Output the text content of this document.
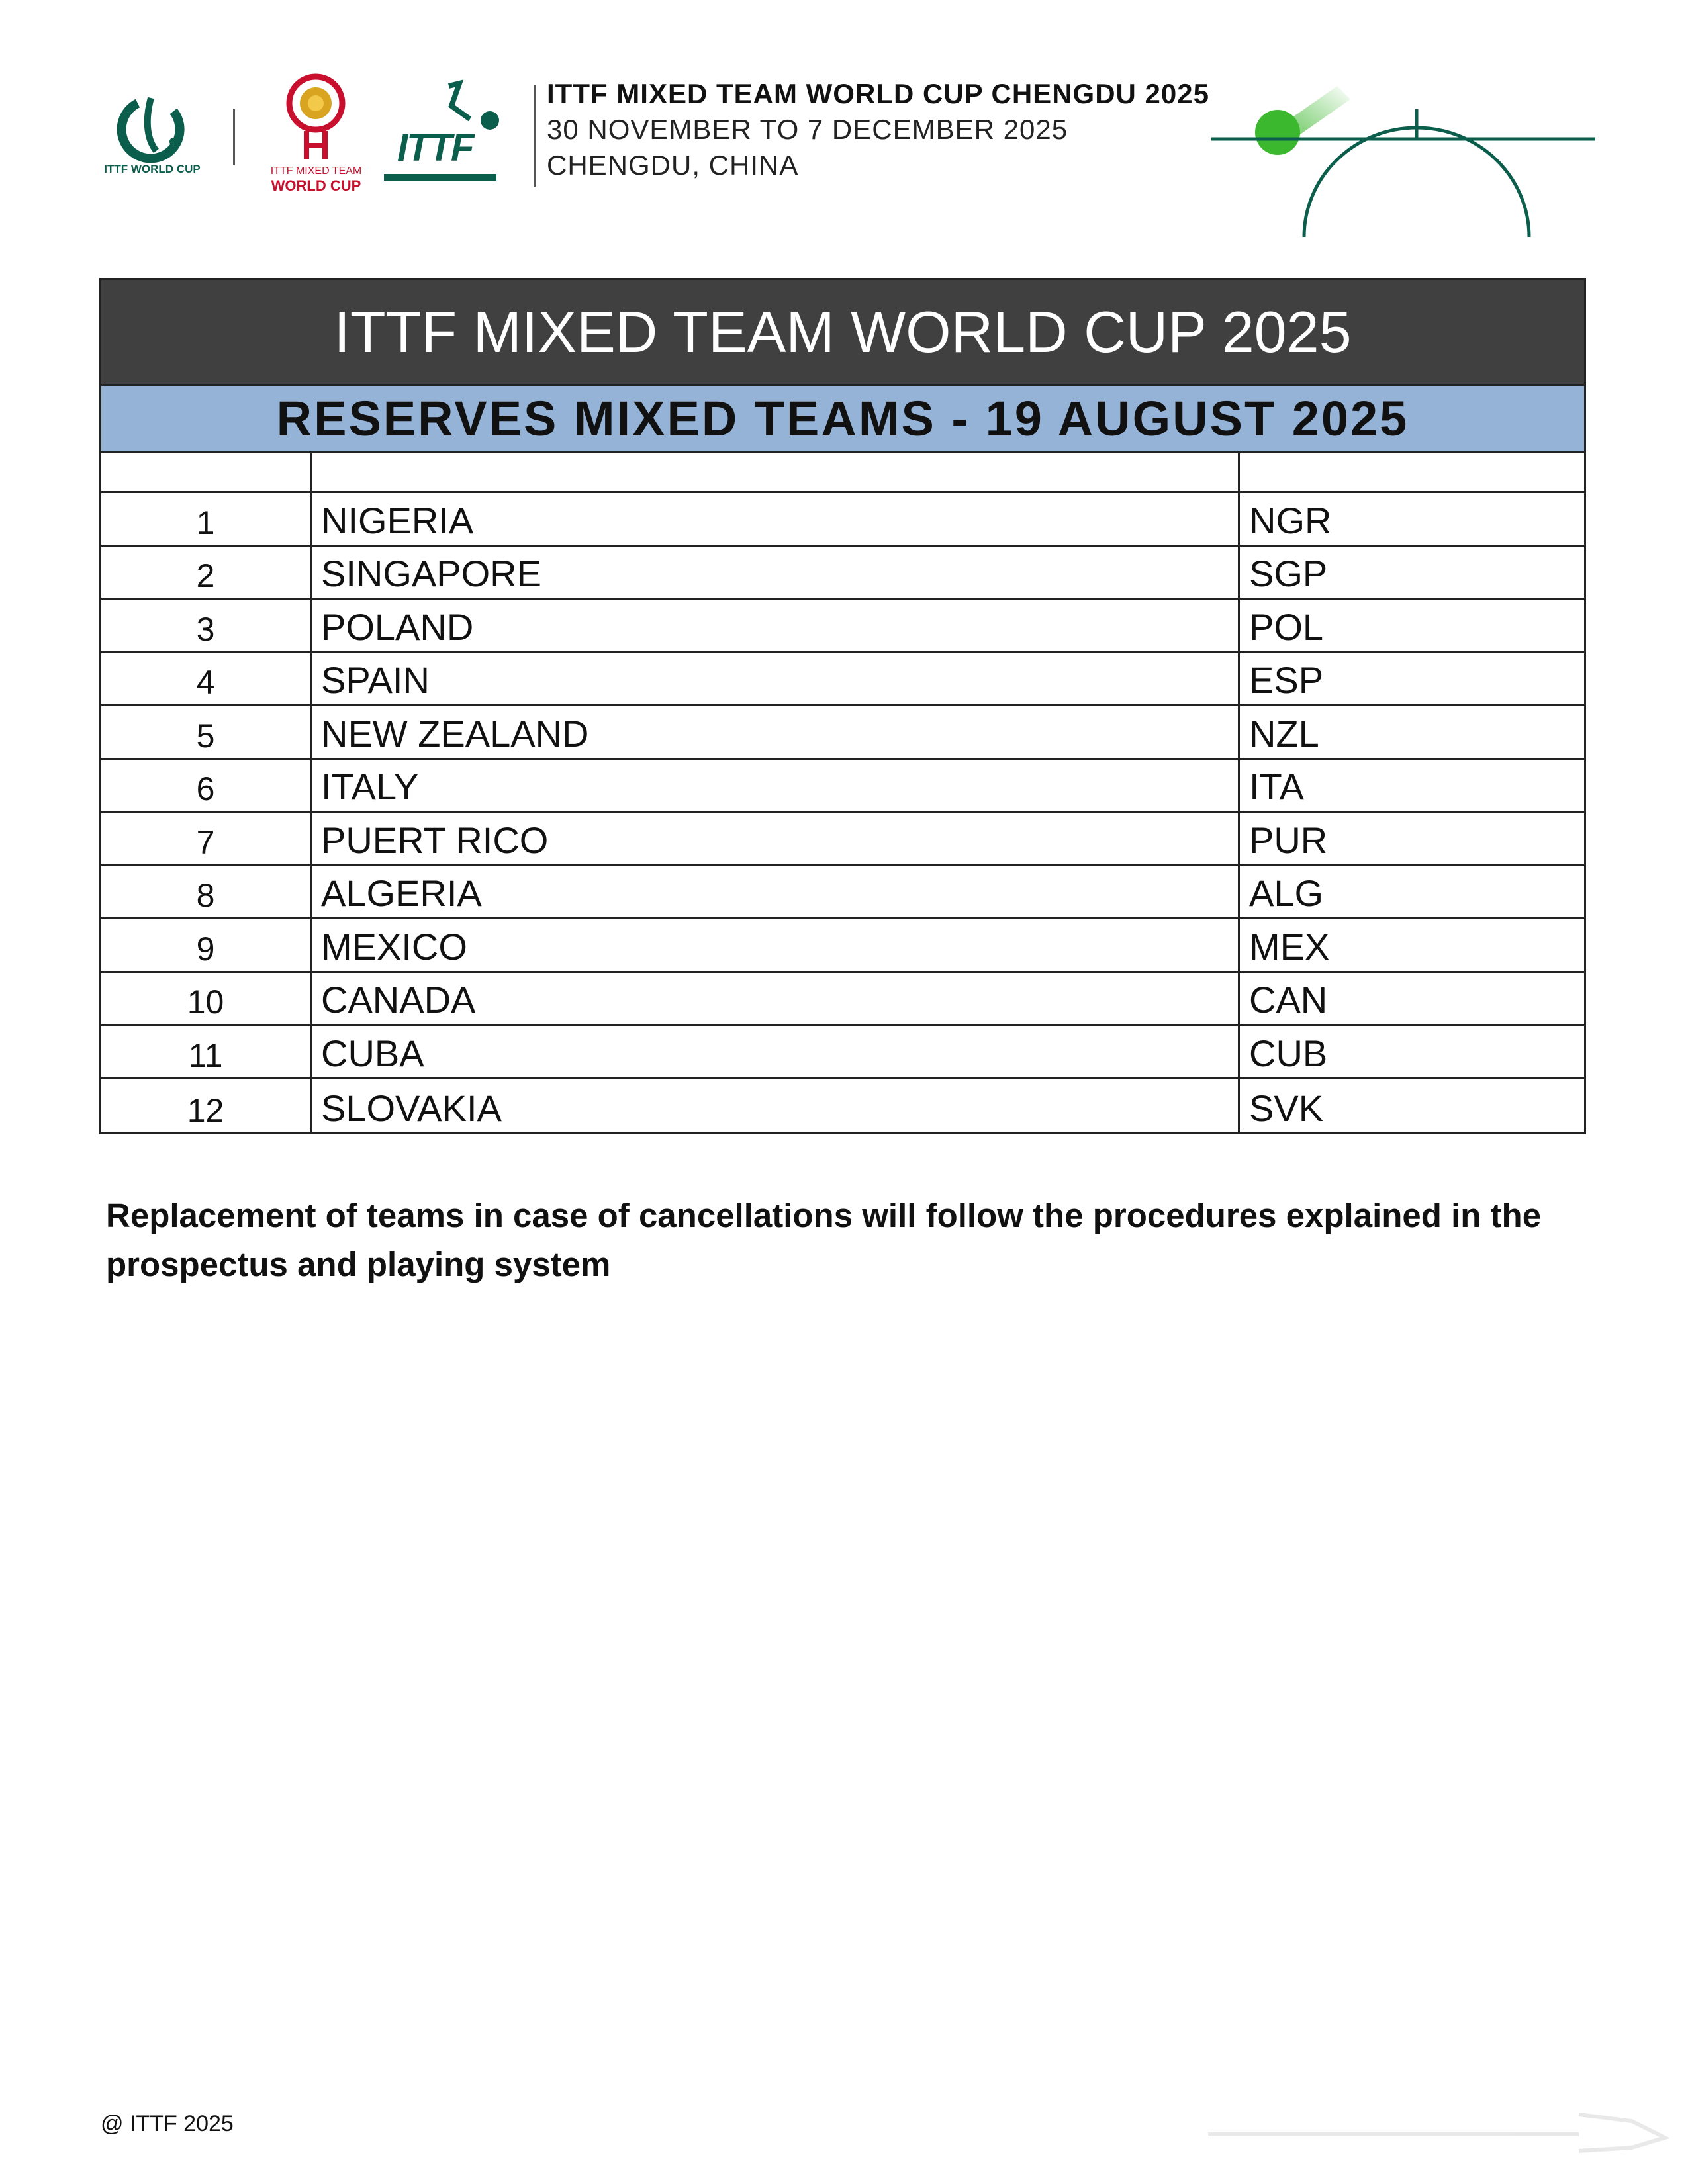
ITTF WORLD CUP	ITTF MIXED TEAM
WORLD CUP
ITTF
ITTF MIXED TEAM WORLD CUP CHENGDU 2025
30 NOVEMBER TO 7 DECEMBER 2025
CHENGDU, CHINA
ITTF MIXED TEAM WORLD CUP 2025
RESERVES MIXED TEAMS - 19 AUGUST 2025
1	NIGERIA	NGR
2	SINGAPORE	SGP
3	POLAND	POL
4	SPAIN	ESP
5	NEW ZEALAND	NZL
6	ITALY	ITA
7	PUERT RICO	PUR
8	ALGERIA	ALG
9	MEXICO	MEX
10	CANADA	CAN
11	CUBA	CUB
12	SLOVAKIA	SVK
Replacement of teams in case of cancellations will follow the procedures explained in the prospectus and playing system
@ ITTF 2025
